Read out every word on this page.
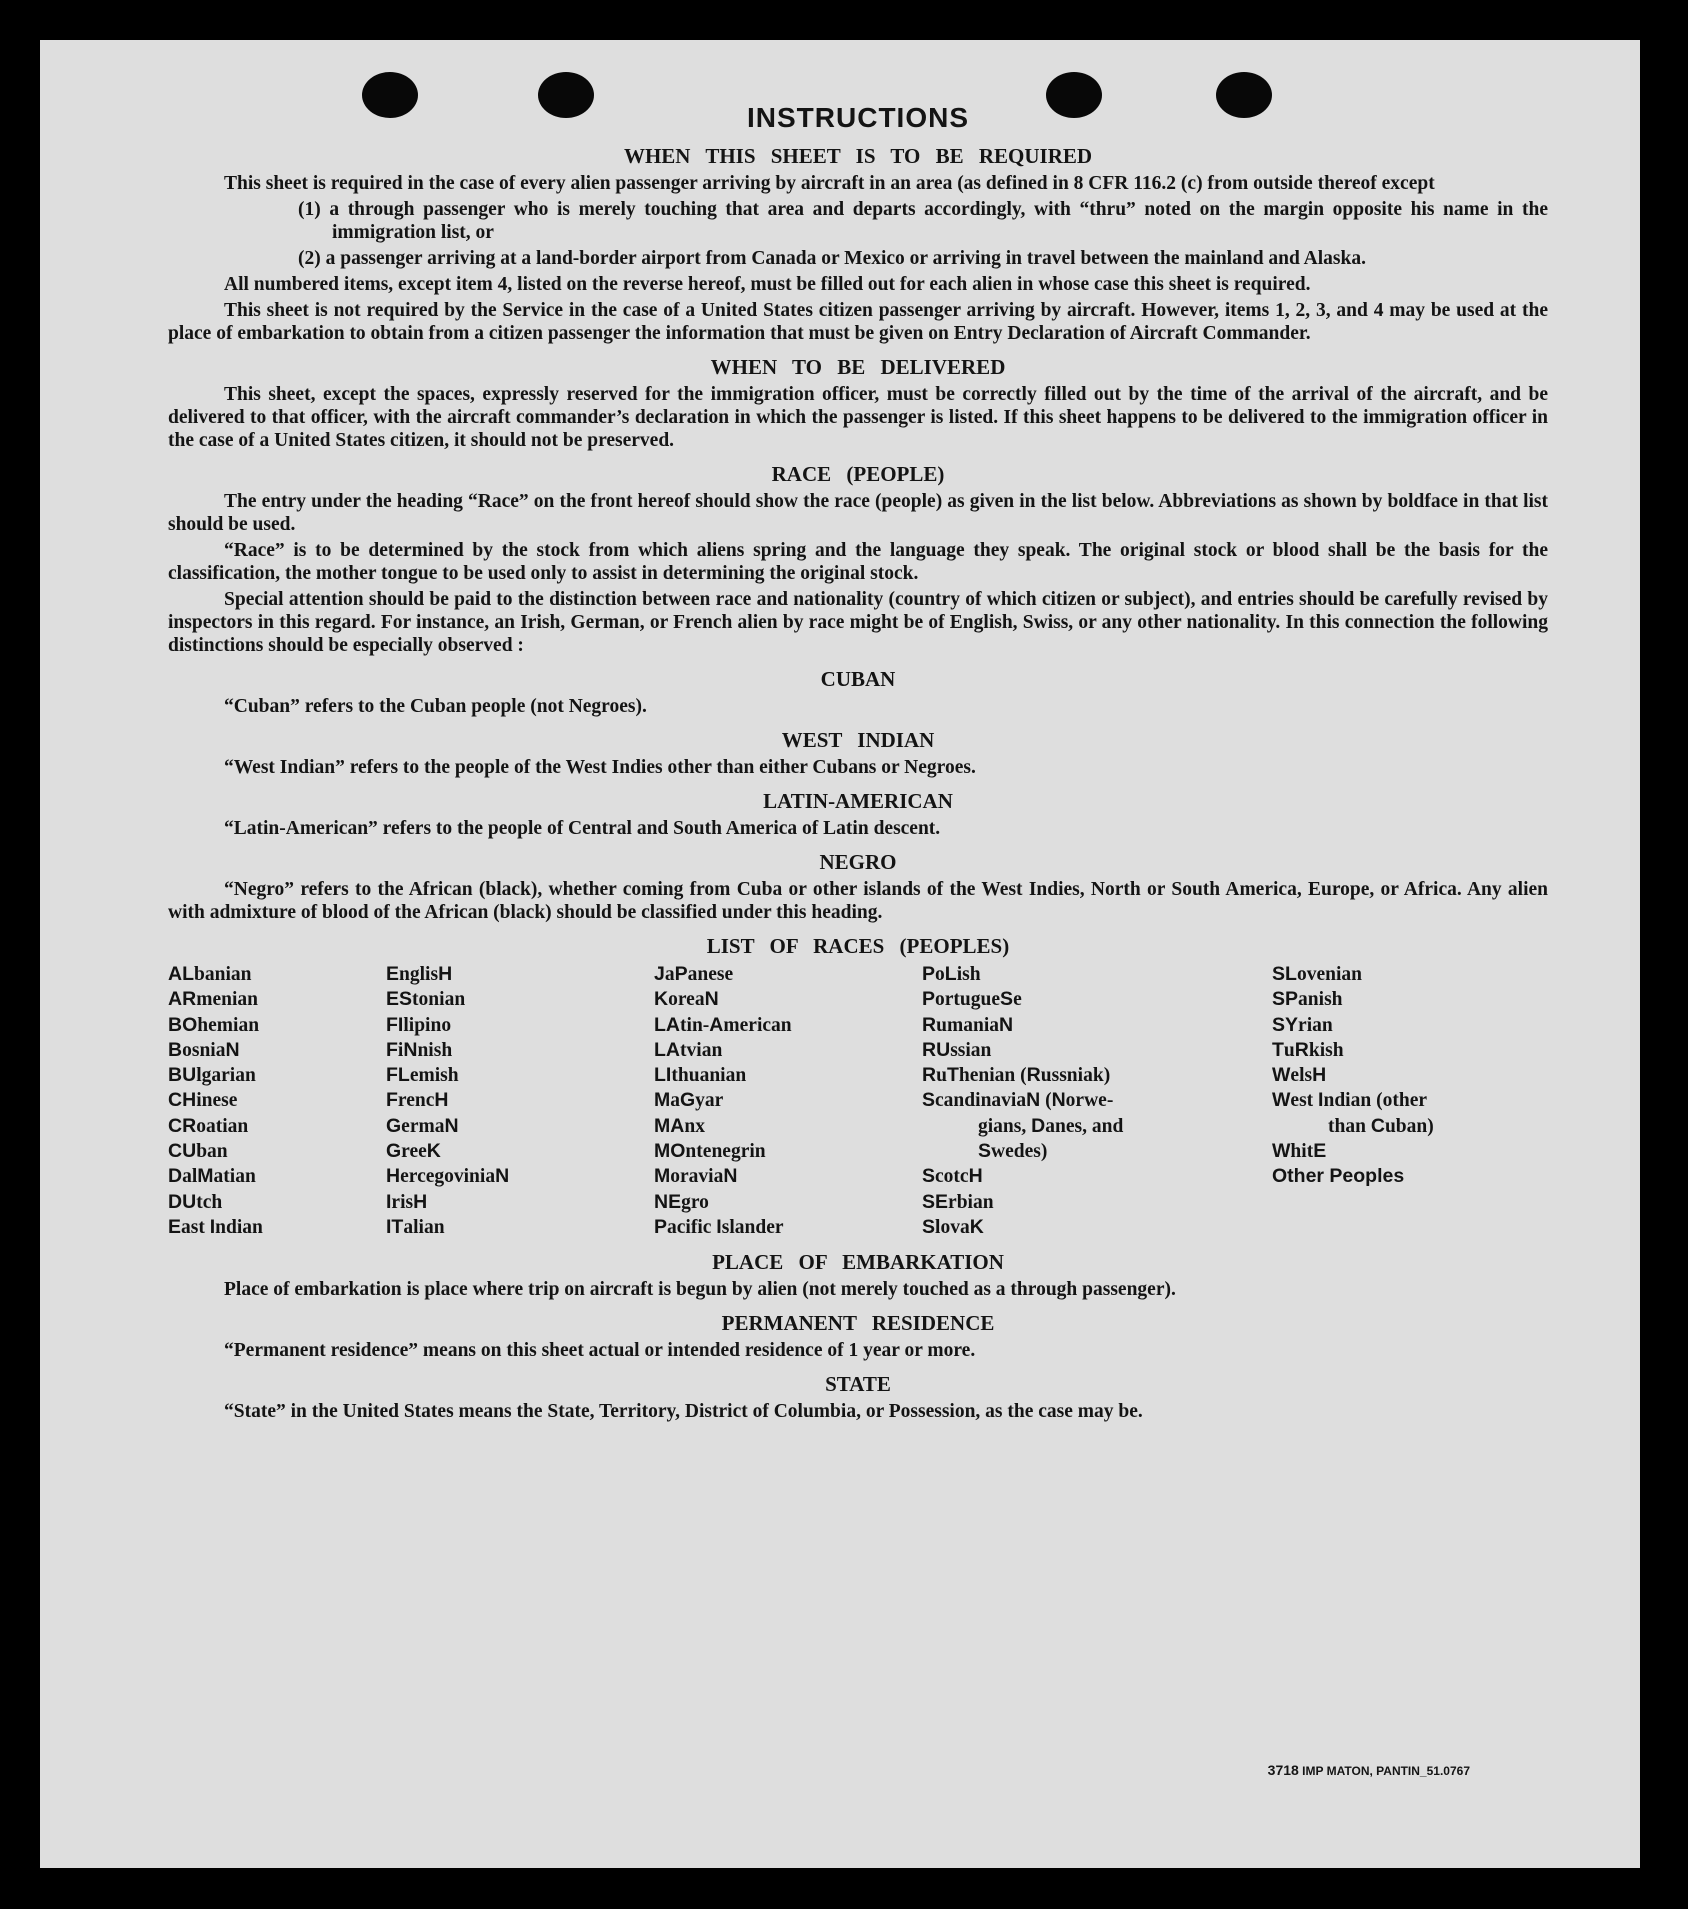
INSTRUCTIONS
WHEN THIS SHEET IS TO BE REQUIRED

This sheet is required in the case of every alien passenger arriving by aircraft in an area (as defined in 8 CFR 116.2 (c) from outside thereof except

(1) a through passenger who is merely touching that area and departs accordingly, with “thru” noted on the margin opposite his name in the immigration list, or

(2) a passenger arriving at a land-border airport from Canada or Mexico or arriving in travel between the mainland and Alaska.

All numbered items, except item 4, listed on the reverse hereof, must be filled out for each alien in whose case this sheet is required.

This sheet is not required by the Service in the case of a United States citizen passenger arriving by aircraft. However, items 1, 2, 3, and 4 may be used at the place of embarkation to obtain from a citizen passenger the information that must be given on Entry Declaration of Aircraft Commander.

WHEN TO BE DELIVERED

This sheet, except the spaces, expressly reserved for the immigration officer, must be correctly filled out by the time of the arrival of the aircraft, and be delivered to that officer, with the aircraft commander’s declaration in which the passenger is listed. If this sheet happens to be delivered to the immigration officer in the case of a United States citizen, it should not be preserved.

RACE (PEOPLE)

The entry under the heading “Race” on the front hereof should show the race (people) as given in the list below. Abbreviations as shown by boldface in that list should be used.

“Race” is to be determined by the stock from which aliens spring and the language they speak. The original stock or blood shall be the basis for the classification, the mother tongue to be used only to assist in determining the original stock.

Special attention should be paid to the distinction between race and nationality (country of which citizen or subject), and entries should be carefully revised by inspectors in this regard. For instance, an Irish, German, or French alien by race might be of English, Swiss, or any other nationality. In this connection the following distinctions should be especially observed :

CUBAN

“Cuban” refers to the Cuban people (not Negroes).

WEST INDIAN

“West Indian” refers to the people of the West Indies other than either Cubans or Negroes.

LATIN-AMERICAN

“Latin-American” refers to the people of Central and South America of Latin descent.

NEGRO

“Negro” refers to the African (black), whether coming from Cuba or other islands of the West Indies, North or South America, Europe, or Africa. Any alien with admixture of blood of the African (black) should be classified under this heading.

LIST OF RACES (PEOPLES)
ALbanian
ARmenian
BOhemian
BosniaN
BUlgarian
CHinese
CRoatian
CUban
DalMatian
DUtch
East Indian
EnglisH
EStonian
FIlipino
FiNnish
FLemish
FrencH
GermaN
GreeK
HercegoviniaN
IrisH
ITalian
JaPanese
KoreaN
LAtin-American
LAtvian
LIthuanian
MaGyar
MAnx
MOntenegrin
MoraviaN
NEgro
Pacific Islander
PoLish
PortugueSe
RumaniaN
RUssian
RuThenian (Russniak)
ScandinaviaN (Norwe-
gians, Danes, and
Swedes)
ScotcH
SErbian
SlovaK
SLovenian
SPanish
SYrian
TuRkish
WelsH
West Indian (other
than Cuban)
WhitE
Other Peoples
PLACE OF EMBARKATION

Place of embarkation is place where trip on aircraft is begun by alien (not merely touched as a through passenger).

PERMANENT RESIDENCE

“Permanent residence” means on this sheet actual or intended residence of 1 year or more.

STATE

“State” in the United States means the State, Territory, District of Columbia, or Possession, as the case may be.

3718 IMP MATON, PANTIN_51.0767
